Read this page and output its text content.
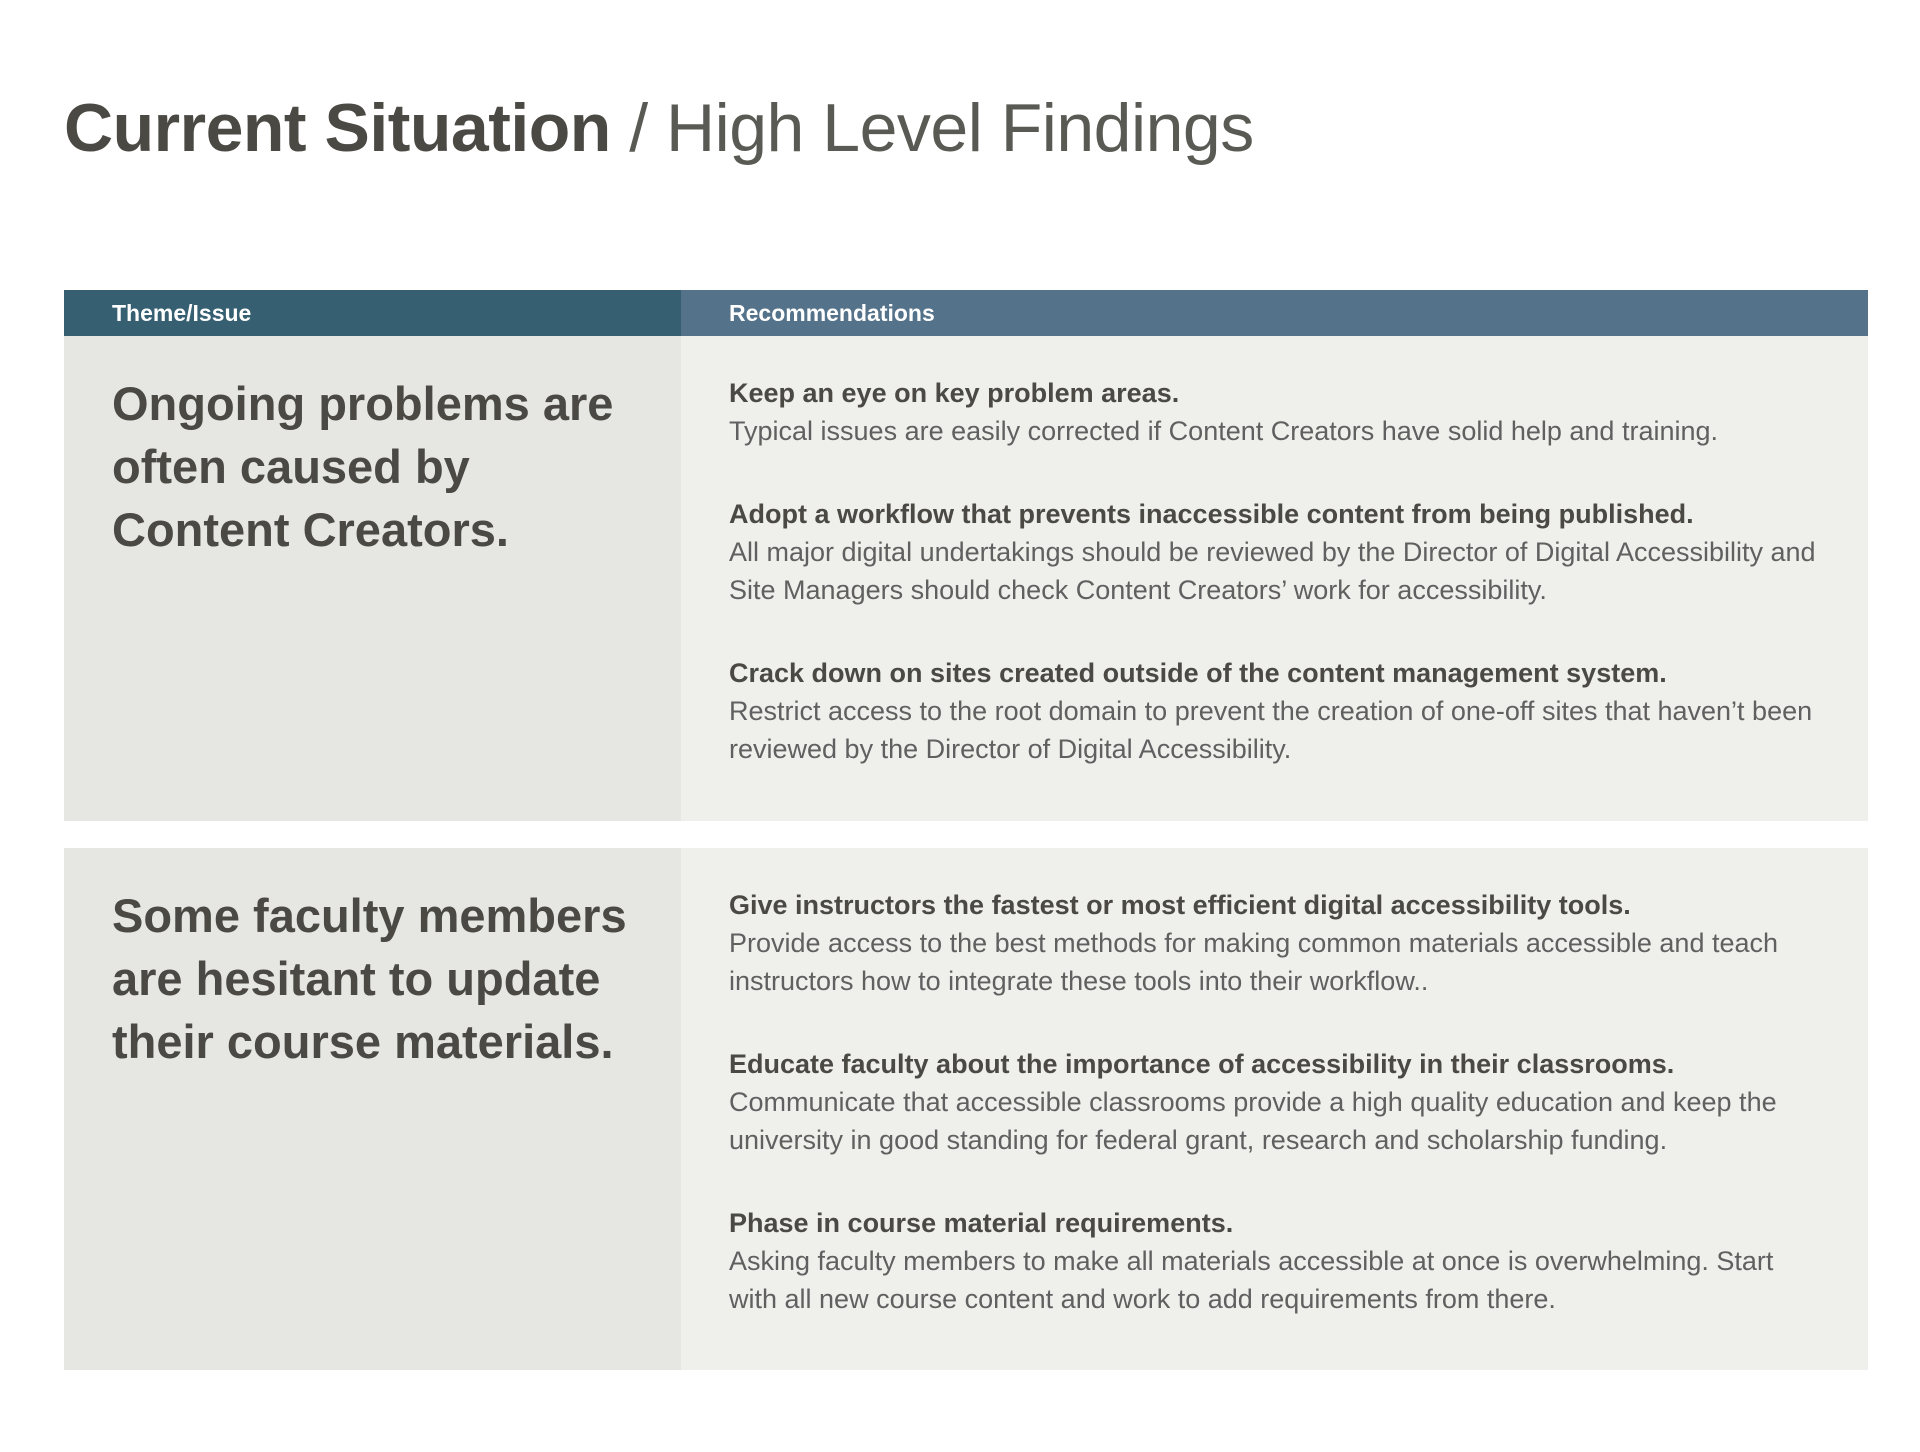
Current Situation / High Level Findings
Theme/Issue	Recommendations

Ongoing problems are often caused by Content Creators.

Keep an eye on key problem areas.

Typical issues are easily corrected if Content Creators have solid help and training.

Adopt a workflow that prevents inaccessible content from being published.

All major digital undertakings should be reviewed by the Director of Digital Accessibility and Site Managers should check Content Creators’ work for accessibility.

Crack down on sites created outside of the content management system.

Restrict access to the root domain to prevent the creation of one-off sites that haven’t been reviewed by the Director of Digital Accessibility.

Some faculty members are hesitant to update their course materials.

Give instructors the fastest or most efficient digital accessibility tools.

Provide access to the best methods for making common materials accessible and teach instructors how to integrate these tools into their workflow..

Educate faculty about the importance of accessibility in their classrooms.

Communicate that accessible classrooms provide a high quality education and keep the university in good standing for federal grant, research and scholarship funding.

Phase in course material requirements.

Asking faculty members to make all materials accessible at once is overwhelming. Start with all new course content and work to add requirements from there.
